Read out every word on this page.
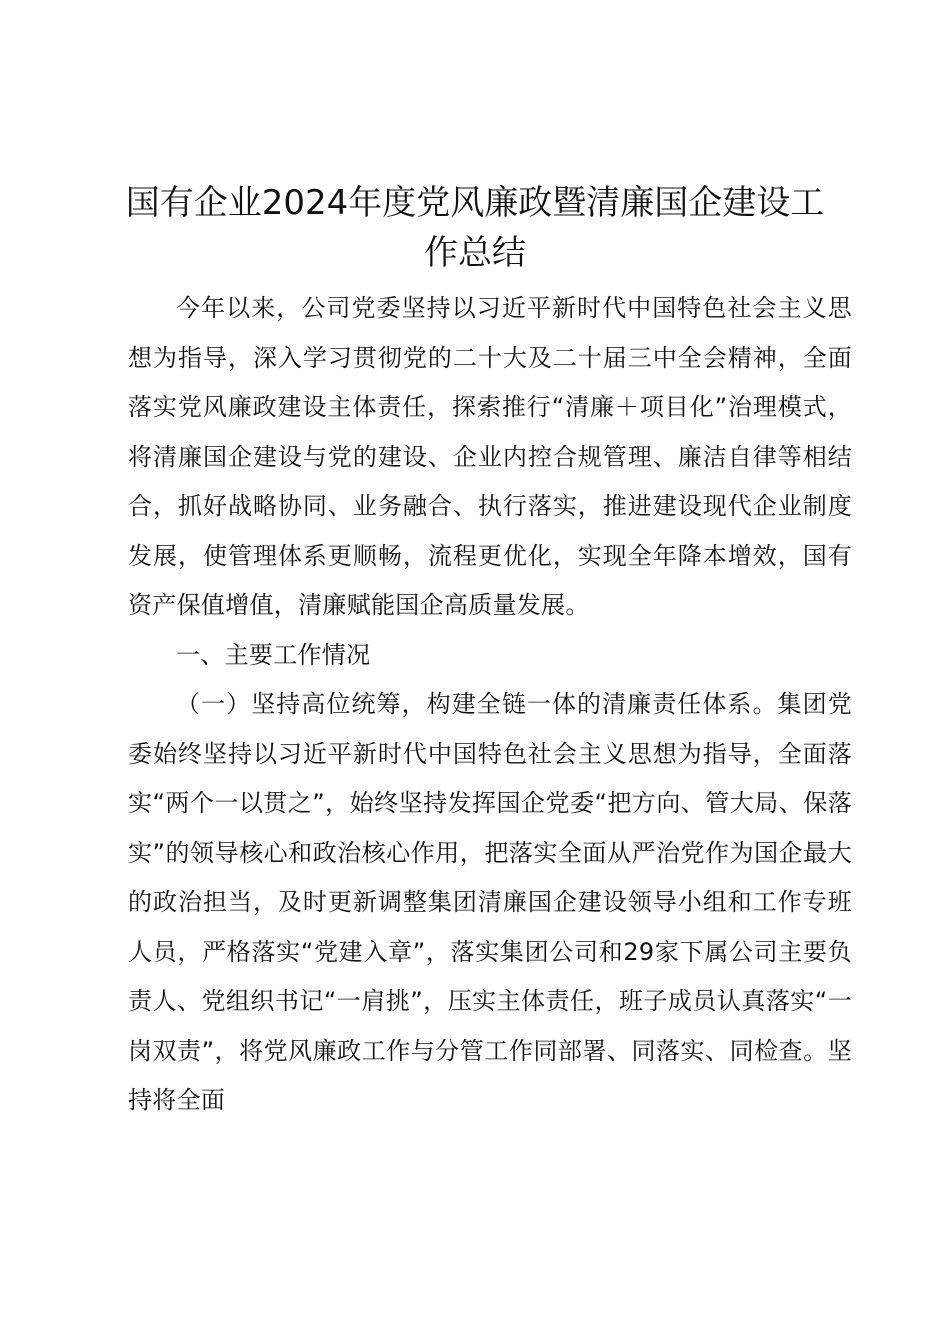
国有企业2024年度党风廉政暨清廉国企建设工作总结

今年以来，公司党委坚持以习近平新时代中国特色社会主义思想为指导，深入学习贯彻党的二十大及二十届三中全会精神，全面落实党风廉政建设主体责任，探索推行“清廉＋项目化”治理模式，将清廉国企建设与党的建设、企业内控合规管理、廉洁自律等相结合，抓好战略协同、业务融合、执行落实，推进建设现代企业制度发展，使管理体系更顺畅，流程更优化，实现全年降本增效，国有资产保值增值，清廉赋能国企高质量发展。

一、主要工作情况

（一）坚持高位统筹，构建全链一体的清廉责任体系。集团党委始终坚持以习近平新时代中国特色社会主义思想为指导，全面落实“两个一以贯之”，始终坚持发挥国企党委“把方向、管大局、保落实”的领导核心和政治核心作用，把落实全面从严治党作为国企最大的政治担当，及时更新调整集团清廉国企建设领导小组和工作专班人员，严格落实“党建入章”，落实集团公司和29家下属公司主要负责人、党组织书记“一肩挑”，压实主体责任，班子成员认真落实“一岗双责”，将党风廉政工作与分管工作同部署、同落实、同检查。坚持将全面
